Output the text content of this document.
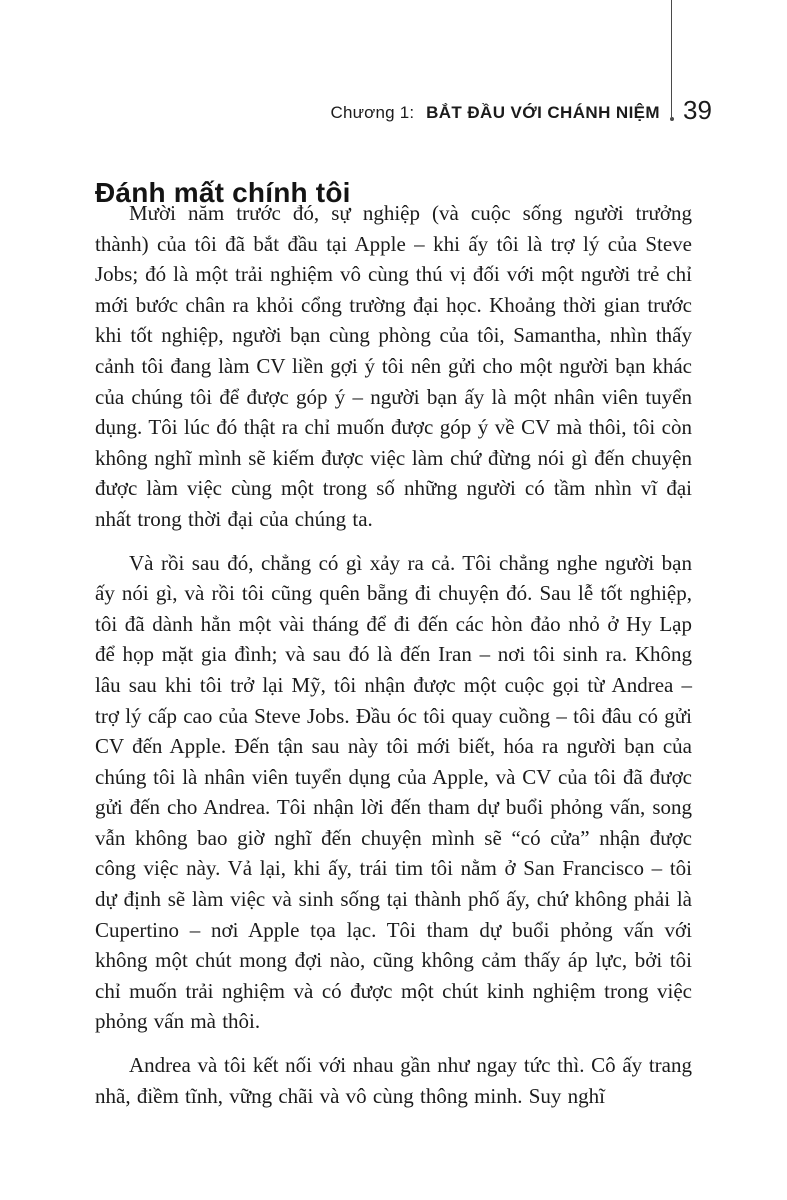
Chương 1: BẮT ĐẦU VỚI CHÁNH NIỆM 39
Đánh mất chính tôi

Mười năm trước đó, sự nghiệp (và cuộc sống người trưởng thành) của tôi đã bắt đầu tại Apple – khi ấy tôi là trợ lý của Steve Jobs; đó là một trải nghiệm vô cùng thú vị đối với một người trẻ chỉ mới bước chân ra khỏi cổng trường đại học. Khoảng thời gian trước khi tốt nghiệp, người bạn cùng phòng của tôi, Samantha, nhìn thấy cảnh tôi đang làm CV liền gợi ý tôi nên gửi cho một người bạn khác của chúng tôi để được góp ý – người bạn ấy là một nhân viên tuyển dụng. Tôi lúc đó thật ra chỉ muốn được góp ý về CV mà thôi, tôi còn không nghĩ mình sẽ kiếm được việc làm chứ đừng nói gì đến chuyện được làm việc cùng một trong số những người có tầm nhìn vĩ đại nhất trong thời đại của chúng ta.

Và rồi sau đó, chẳng có gì xảy ra cả. Tôi chẳng nghe người bạn ấy nói gì, và rồi tôi cũng quên bẵng đi chuyện đó. Sau lễ tốt nghiệp, tôi đã dành hẳn một vài tháng để đi đến các hòn đảo nhỏ ở Hy Lạp để họp mặt gia đình; và sau đó là đến Iran – nơi tôi sinh ra. Không lâu sau khi tôi trở lại Mỹ, tôi nhận được một cuộc gọi từ Andrea – trợ lý cấp cao của Steve Jobs. Đầu óc tôi quay cuồng – tôi đâu có gửi CV đến Apple. Đến tận sau này tôi mới biết, hóa ra người bạn của chúng tôi là nhân viên tuyển dụng của Apple, và CV của tôi đã được gửi đến cho Andrea. Tôi nhận lời đến tham dự buổi phỏng vấn, song vẫn không bao giờ nghĩ đến chuyện mình sẽ “có cửa” nhận được công việc này. Vả lại, khi ấy, trái tim tôi nằm ở San Francisco – tôi dự định sẽ làm việc và sinh sống tại thành phố ấy, chứ không phải là Cupertino – nơi Apple tọa lạc. Tôi tham dự buổi phỏng vấn với không một chút mong đợi nào, cũng không cảm thấy áp lực, bởi tôi chỉ muốn trải nghiệm và có được một chút kinh nghiệm trong việc phỏng vấn mà thôi.

Andrea và tôi kết nối với nhau gần như ngay tức thì. Cô ấy trang nhã, điềm tĩnh, vững chãi và vô cùng thông minh. Suy nghĩ
